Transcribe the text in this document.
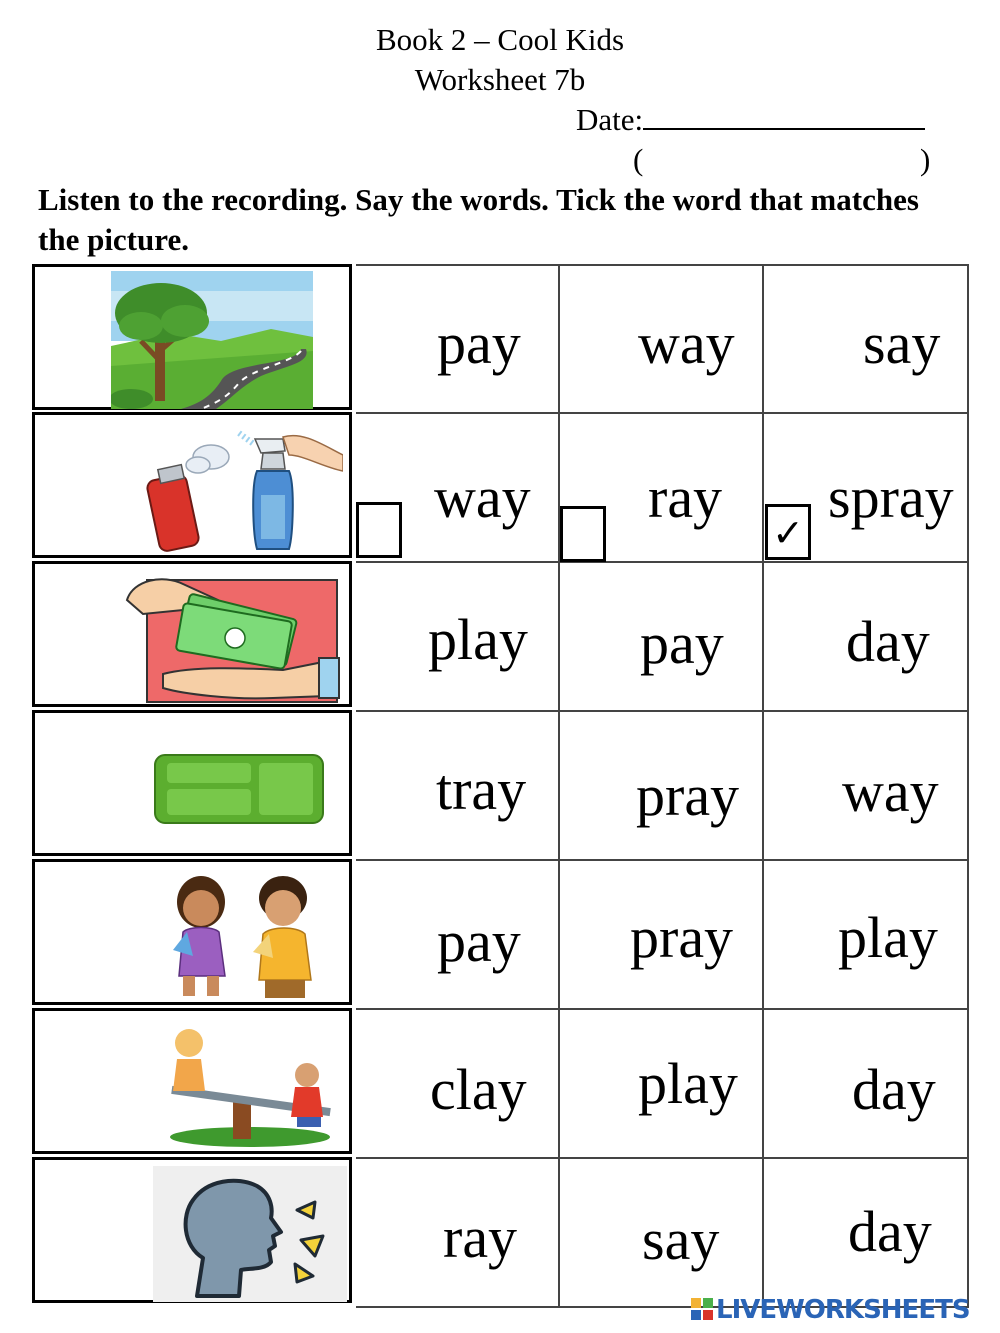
Book 2 – Cool Kids
Worksheet 7b
Date:
(	)
Listen to the recording. Say the words. Tick the word that matches the picture.
pay way say
✓
way ray spray
play pay day
tray pray way
pay pray play
clay play day
ray say day
LIVEWORKSHEETS
